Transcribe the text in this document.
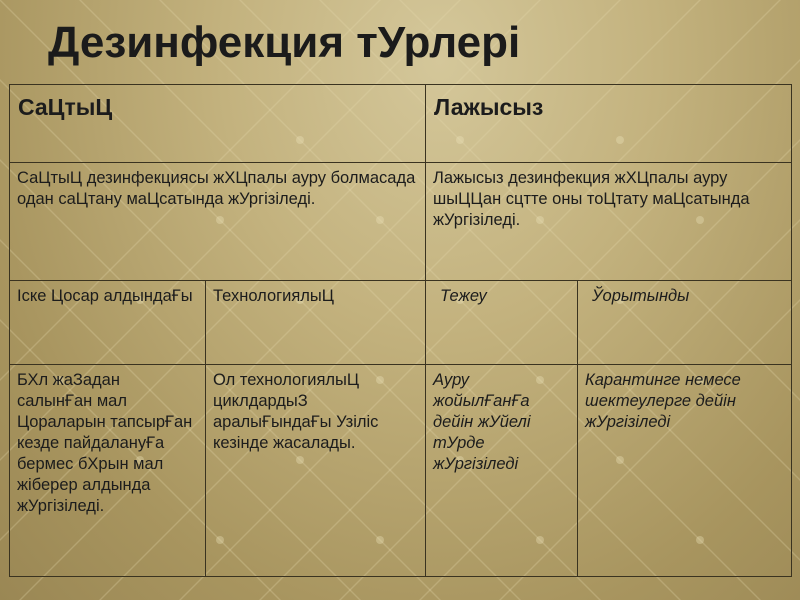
Дезинфекция тУрлері
СаЦтыЦ		Лажысыз	
СаЦтыЦ дезинфекциясы жХЦпалы ауру болмасада одан саЦтану маЦсатында жУргізіледі.		Лажысыз дезинфекция жХЦпалы ауру шыЦЦан сцтте оны тоЦтату маЦсатында жУргізіледі.	
Іске Цосар алдындаҒы	ТехнологиялыЦ	Тежеу	Ўорытынды
БХл жаЗадан салынҒан мал Цораларын тапсырҒан кезде пайдалануҒа бермес бХрын мал жіберер алдында жУргізіледі.	Ол технологиялыЦ циклдардыЗ аралыҒындаҒы Узіліс кезінде жасалады.	Ауру жойылҒанҒа дейін жУйелі тУрде жУргізіледі	Карантинге немесе шектеулерге дейін жУргізіледі
